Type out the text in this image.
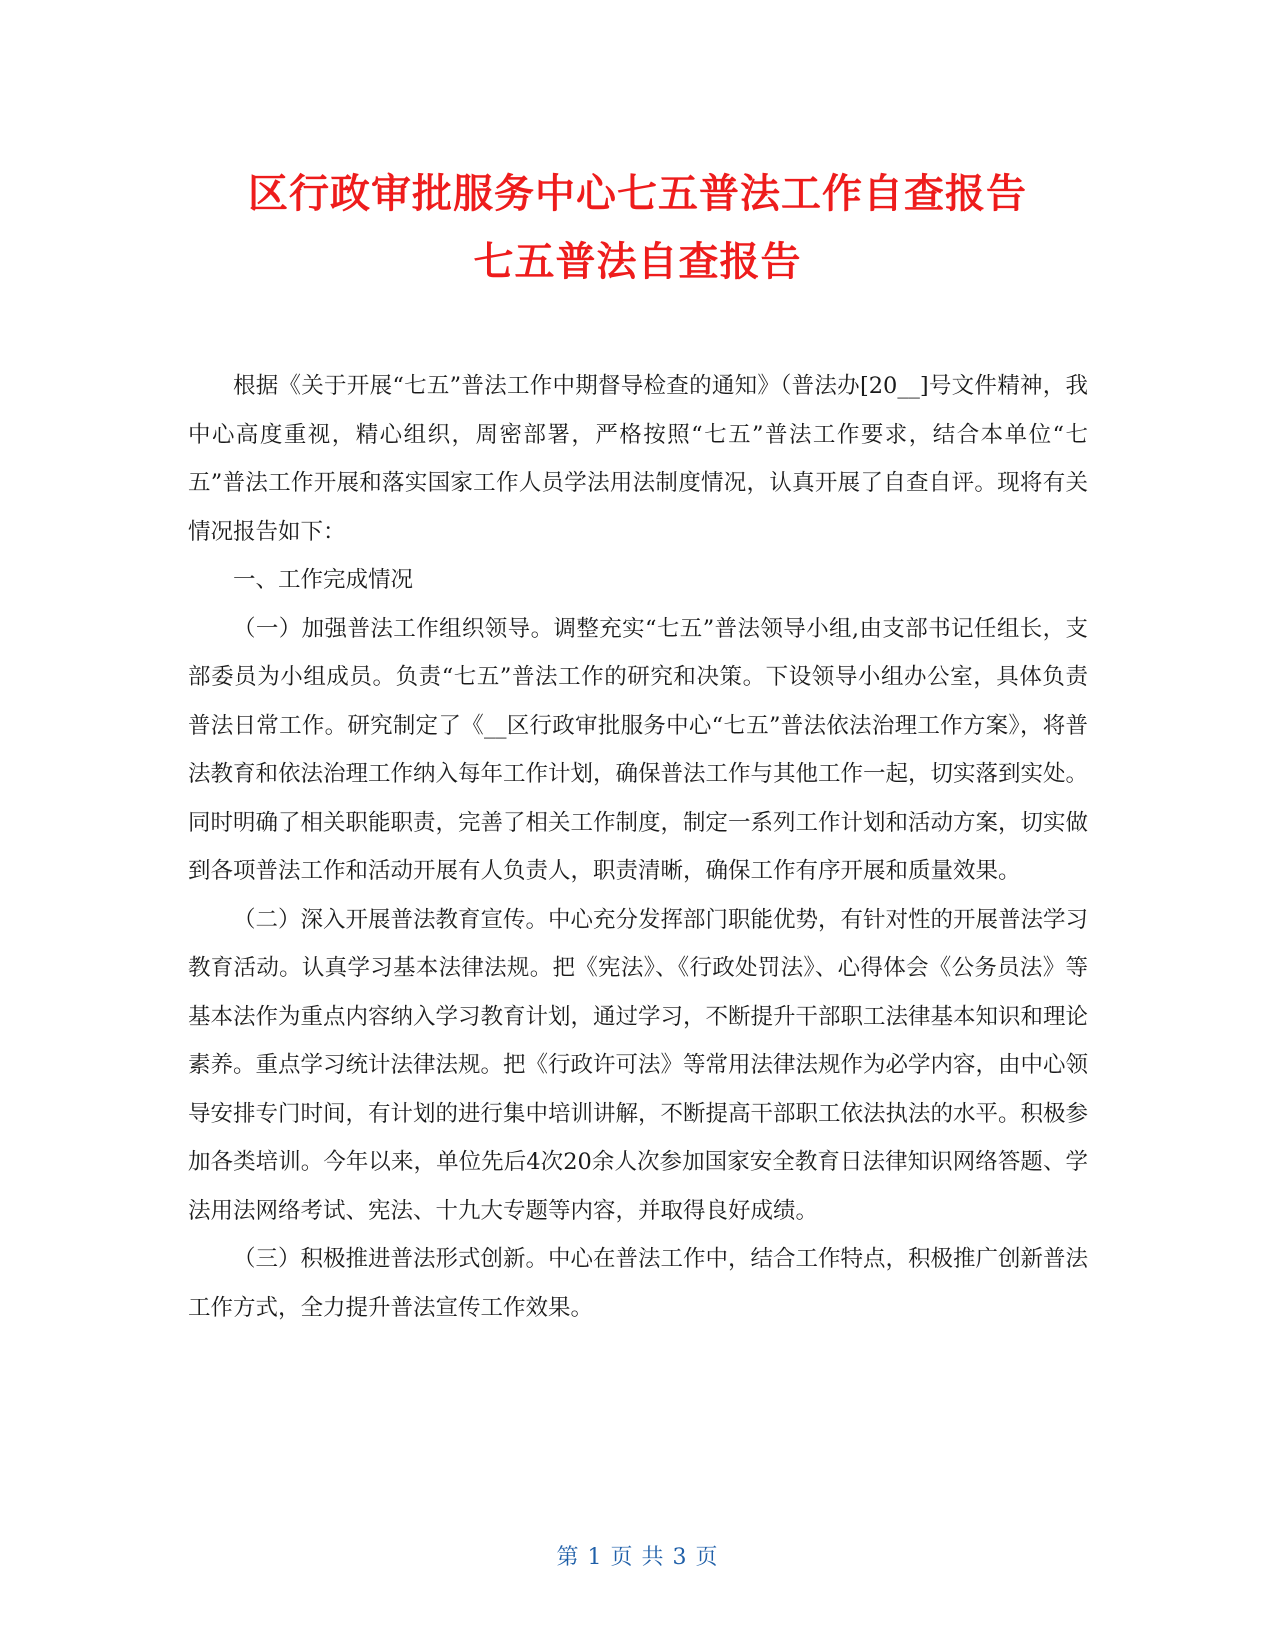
区行政审批服务中心七五普法工作自查报告
七五普法自查报告

根据《关于开展“七五”普法工作中期督导检查的通知》（普法办[20__]号文件精神，我中心高度重视，精心组织，周密部署，严格按照“七五”普法工作要求，结合本单位“七五”普法工作开展和落实国家工作人员学法用法制度情况，认真开展了自查自评。现将有关情况报告如下：

一、工作完成情况

（一）加强普法工作组织领导。调整充实“七五”普法领导小组,由支部书记任组长，支部委员为小组成员。负责“七五”普法工作的研究和决策。下设领导小组办公室，具体负责普法日常工作。研究制定了《__区行政审批服务中心“七五”普法依法治理工作方案》，将普法教育和依法治理工作纳入每年工作计划，确保普法工作与其他工作一起，切实落到实处。同时明确了相关职能职责，完善了相关工作制度，制定一系列工作计划和活动方案，切实做到各项普法工作和活动开展有人负责人，职责清晰，确保工作有序开展和质量效果。

（二）深入开展普法教育宣传。中心充分发挥部门职能优势，有针对性的开展普法学习教育活动。认真学习基本法律法规。把《宪法》、《行政处罚法》、心得体会《公务员法》等基本法作为重点内容纳入学习教育计划，通过学习，不断提升干部职工法律基本知识和理论素养。重点学习统计法律法规。把《行政许可法》等常用法律法规作为必学内容，由中心领导安排专门时间，有计划的进行集中培训讲解，不断提高干部职工依法执法的水平。积极参加各类培训。今年以来，单位先后4次20余人次参加国家安全教育日法律知识网络答题、学法用法网络考试、宪法、十九大专题等内容，并取得良好成绩。

（三）积极推进普法形式创新。中心在普法工作中，结合工作特点，积极推广创新普法工作方式，全力提升普法宣传工作效果。

第 1 页 共 3 页
